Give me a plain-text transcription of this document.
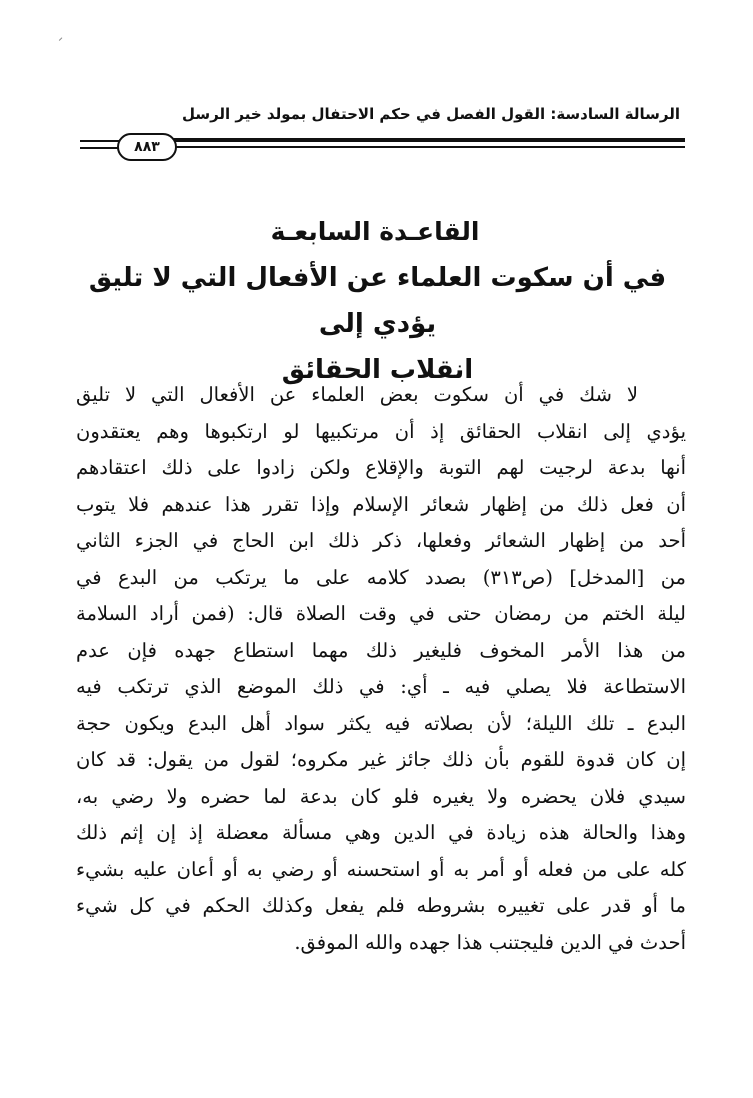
الرسالة السادسة: القول الفصل في حكم الاحتفال بمولد خير الرسل
٨٨٣
القاعـدة السابعـة
في أن سكوت العلماء عن الأفعال التي لا تليق يؤدي إلى
انقلاب الحقائق
لا شك في أن سكوت بعض العلماء عن الأفعال التي لا تليق
يؤدي إلى انقلاب الحقائق إذ أن مرتكبيها لو ارتكبوها وهم يعتقدون
أنها بدعة لرجيت لهم التوبة والإقلاع ولكن زادوا على ذلك اعتقادهم
أن فعل ذلك من إظهار شعائر الإسلام وإذا تقرر هذا عندهم فلا يتوب
أحد من إظهار الشعائر وفعلها، ذكر ذلك ابن الحاج في الجزء الثاني
من [المدخل] (ص٣١٣) بصدد كلامه على ما يرتكب من البدع في
ليلة الختم من رمضان حتى في وقت الصلاة قال: (فمن أراد السلامة
من هذا الأمر المخوف فليغير ذلك مهما استطاع جهده فإن عدم
الاستطاعة فلا يصلي فيه ـ أي: في ذلك الموضع الذي ترتكب فيه
البدع ـ تلك الليلة؛ لأن بصلاته فيه يكثر سواد أهل البدع ويكون حجة
إن كان قدوة للقوم بأن ذلك جائز غير مكروه؛ لقول من يقول: قد كان
سيدي فلان يحضره ولا يغيره فلو كان بدعة لما حضره ولا رضي به،
وهذا والحالة هذه زيادة في الدين وهي مسألة معضلة إذ إن إثم ذلك
كله على من فعله أو أمر به أو استحسنه أو رضي به أو أعان عليه بشيء
ما أو قدر على تغييره بشروطه فلم يفعل وكذلك الحكم في كل شيء
أحدث في الدين فليجتنب هذا جهده والله الموفق.
